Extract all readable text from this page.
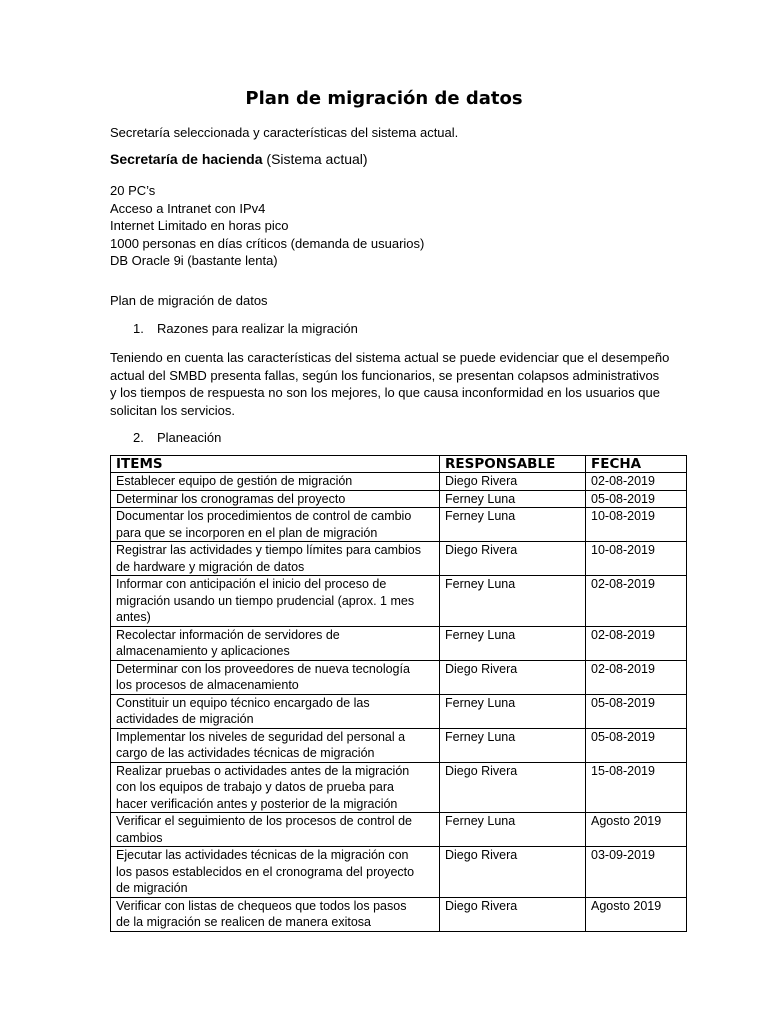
Plan de migración de datos
Secretaría seleccionada y características del sistema actual.
Secretaría de hacienda (Sistema actual)
20 PC’s
Acceso a Intranet con IPv4
Internet Limitado en horas pico
1000 personas en días críticos (demanda de usuarios)
DB Oracle 9i (bastante lenta)
Plan de migración de datos
1. Razones para realizar la migración
Teniendo en cuenta las características del sistema actual se puede evidenciar que el desempeño
actual del SMBD presenta fallas, según los funcionarios, se presentan colapsos administrativos
y los tiempos de respuesta no son los mejores, lo que causa inconformidad en los usuarios que
solicitan los servicios.
2. Planeación
ITEMS	RESPONSABLE	FECHA

Establecer equipo de gestión de migración	Diego Rivera	02-08-2019

Determinar los cronogramas del proyecto	Ferney Luna	05-08-2019

Documentar los procedimientos de control de cambio
para que se incorporen en el plan de migración	Ferney Luna	10-08-2019

Registrar las actividades y tiempo límites para cambios
de hardware y migración de datos	Diego Rivera	10-08-2019

Informar con anticipación el inicio del proceso de
migración usando un tiempo prudencial (aprox. 1 mes
antes)	Ferney Luna	02-08-2019

Recolectar información de servidores de
almacenamiento y aplicaciones	Ferney Luna	02-08-2019

Determinar con los proveedores de nueva tecnología
los procesos de almacenamiento	Diego Rivera	02-08-2019

Constituir un equipo técnico encargado de las
actividades de migración	Ferney Luna	05-08-2019

Implementar los niveles de seguridad del personal a
cargo de las actividades técnicas de migración	Ferney Luna	05-08-2019

Realizar pruebas o actividades antes de la migración
con los equipos de trabajo y datos de prueba para
hacer verificación antes y posterior de la migración	Diego Rivera	15-08-2019

Verificar el seguimiento de los procesos de control de
cambios	Ferney Luna	Agosto 2019

Ejecutar las actividades técnicas de la migración con
los pasos establecidos en el cronograma del proyecto
de migración	Diego Rivera	03-09-2019

Verificar con listas de chequeos que todos los pasos
de la migración se realicen de manera exitosa	Diego Rivera	Agosto 2019
